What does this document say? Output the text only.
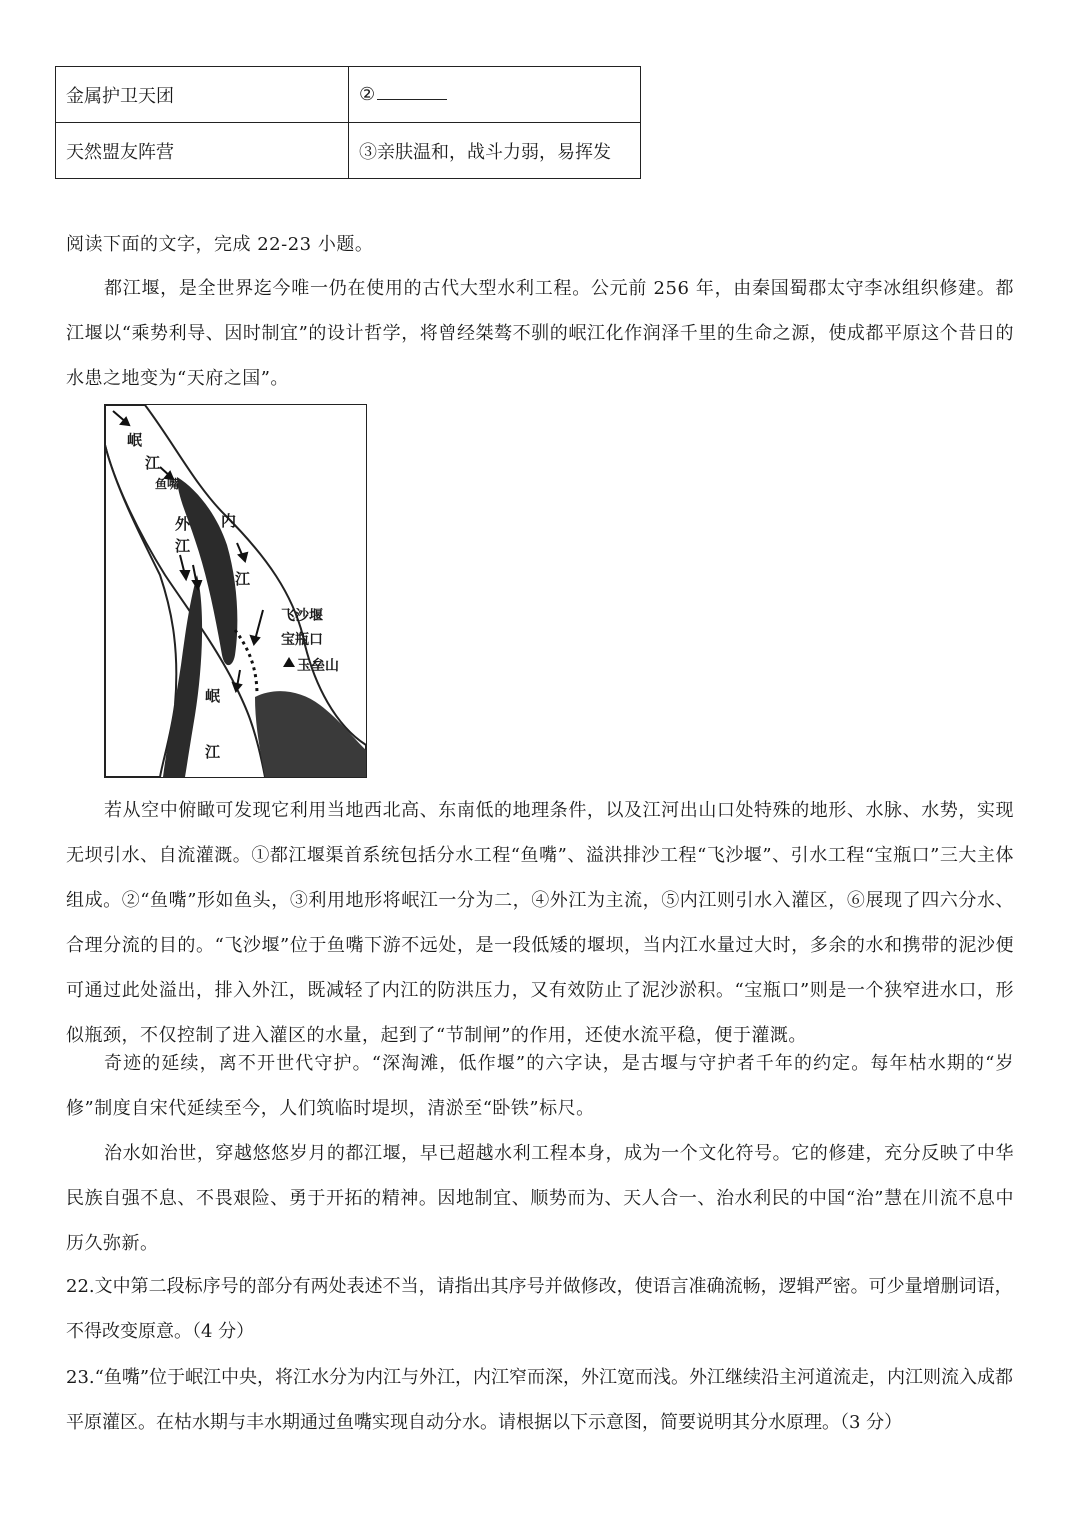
金属护卫天团	②
天然盟友阵营	③亲肤温和，战斗力弱，易挥发
阅读下面的文字，完成 22-23 小题。
都江堰，是全世界迄今唯一仍在使用的古代大型水利工程。公元前 256 年，由秦国蜀郡太守李冰组织修建。都江堰以“乘势利导、因时制宜”的设计哲学，将曾经桀骜不驯的岷江化作润泽千里的生命之源，使成都平原这个昔日的水患之地变为“天府之国”。
岷
江
鱼嘴
外
江
内
江
飞沙堰
宝瓶口
玉垒山
岷
江
若从空中俯瞰可发现它利用当地西北高、东南低的地理条件，以及江河出山口处特殊的地形、水脉、水势，实现无坝引水、自流灌溉。①都江堰渠首系统包括分水工程“鱼嘴”、溢洪排沙工程“飞沙堰”、引水工程“宝瓶口”三大主体组成。②“鱼嘴”形如鱼头，③利用地形将岷江一分为二，④外江为主流，⑤内江则引水入灌区，⑥展现了四六分水、合理分流的目的。“飞沙堰”位于鱼嘴下游不远处，是一段低矮的堰坝，当内江水量过大时，多余的水和携带的泥沙便可通过此处溢出，排入外江，既减轻了内江的防洪压力，又有效防止了泥沙淤积。“宝瓶口”则是一个狭窄进水口，形似瓶颈，不仅控制了进入灌区的水量，起到了“节制闸”的作用，还使水流平稳，便于灌溉。
奇迹的延续，离不开世代守护。“深淘滩，低作堰”的六字诀，是古堰与守护者千年的约定。每年枯水期的“岁修”制度自宋代延续至今，人们筑临时堤坝，清淤至“卧铁”标尺。
治水如治世，穿越悠悠岁月的都江堰，早已超越水利工程本身，成为一个文化符号。它的修建，充分反映了中华民族自强不息、不畏艰险、勇于开拓的精神。因地制宜、顺势而为、天人合一、治水利民的中国“治”慧在川流不息中历久弥新。
22.文中第二段标序号的部分有两处表述不当，请指出其序号并做修改，使语言准确流畅，逻辑严密。可少量增删词语，不得改变原意。（4 分）
23.“鱼嘴”位于岷江中央，将江水分为内江与外江，内江窄而深，外江宽而浅。外江继续沿主河道流走，内江则流入成都平原灌区。在枯水期与丰水期通过鱼嘴实现自动分水。请根据以下示意图，简要说明其分水原理。（3 分）
